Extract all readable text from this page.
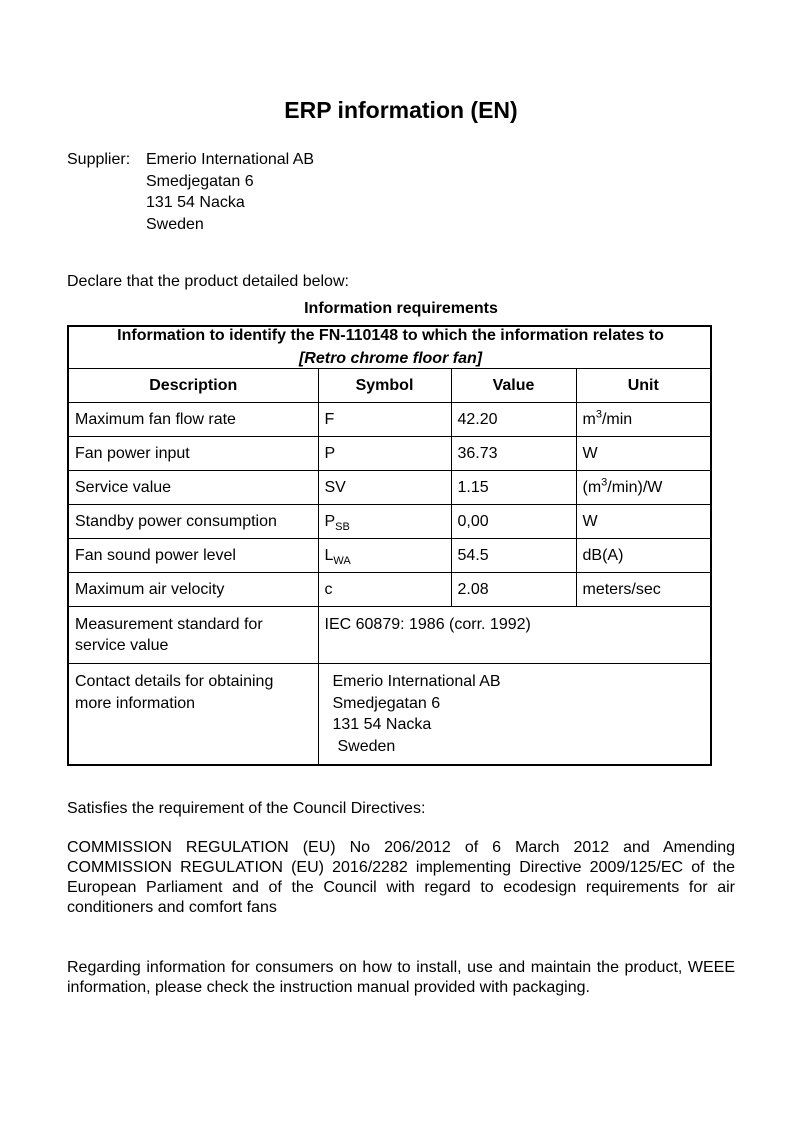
ERP information (EN)
Supplier: Emerio International AB
Smedjegatan 6
131 54 Nacka
Sweden
Declare that the product detailed below:
Information requirements
Information to identify the FN-110148 to which the information relates to
[Retro chrome floor fan]			

Description	Symbol	Value	Unit
Maximum fan flow rate	F	42.20	$m^3/\min$
Fan power input	P	36.73	W
Service value	SV	1.15	$(m^3/\min)/W$
Standby power consumption	$P_{SB}$	0,00	W
Fan sound power level	$L_{WA}$	54.5	dB(A)
Maximum air velocity	c	2.08	meters/sec
Measurement standard for service value	IEC 60879: 1986 (corr. 1992)		
Contact details for obtaining more information	Emerio International AB
Smedjegatan 6
131 54 Nacka
Sweden		
Satisfies the requirement of the Council Directives:
COMMISSION REGULATION (EU) No 206/2012 of 6 March 2012 and Amending COMMISSION REGULATION (EU) 2016/2282 implementing Directive 2009/125/EC of the European Parliament and of the Council with regard to ecodesign requirements for air conditioners and comfort fans
Regarding information for consumers on how to install, use and maintain the product, WEEE information, please check the instruction manual provided with packaging.
